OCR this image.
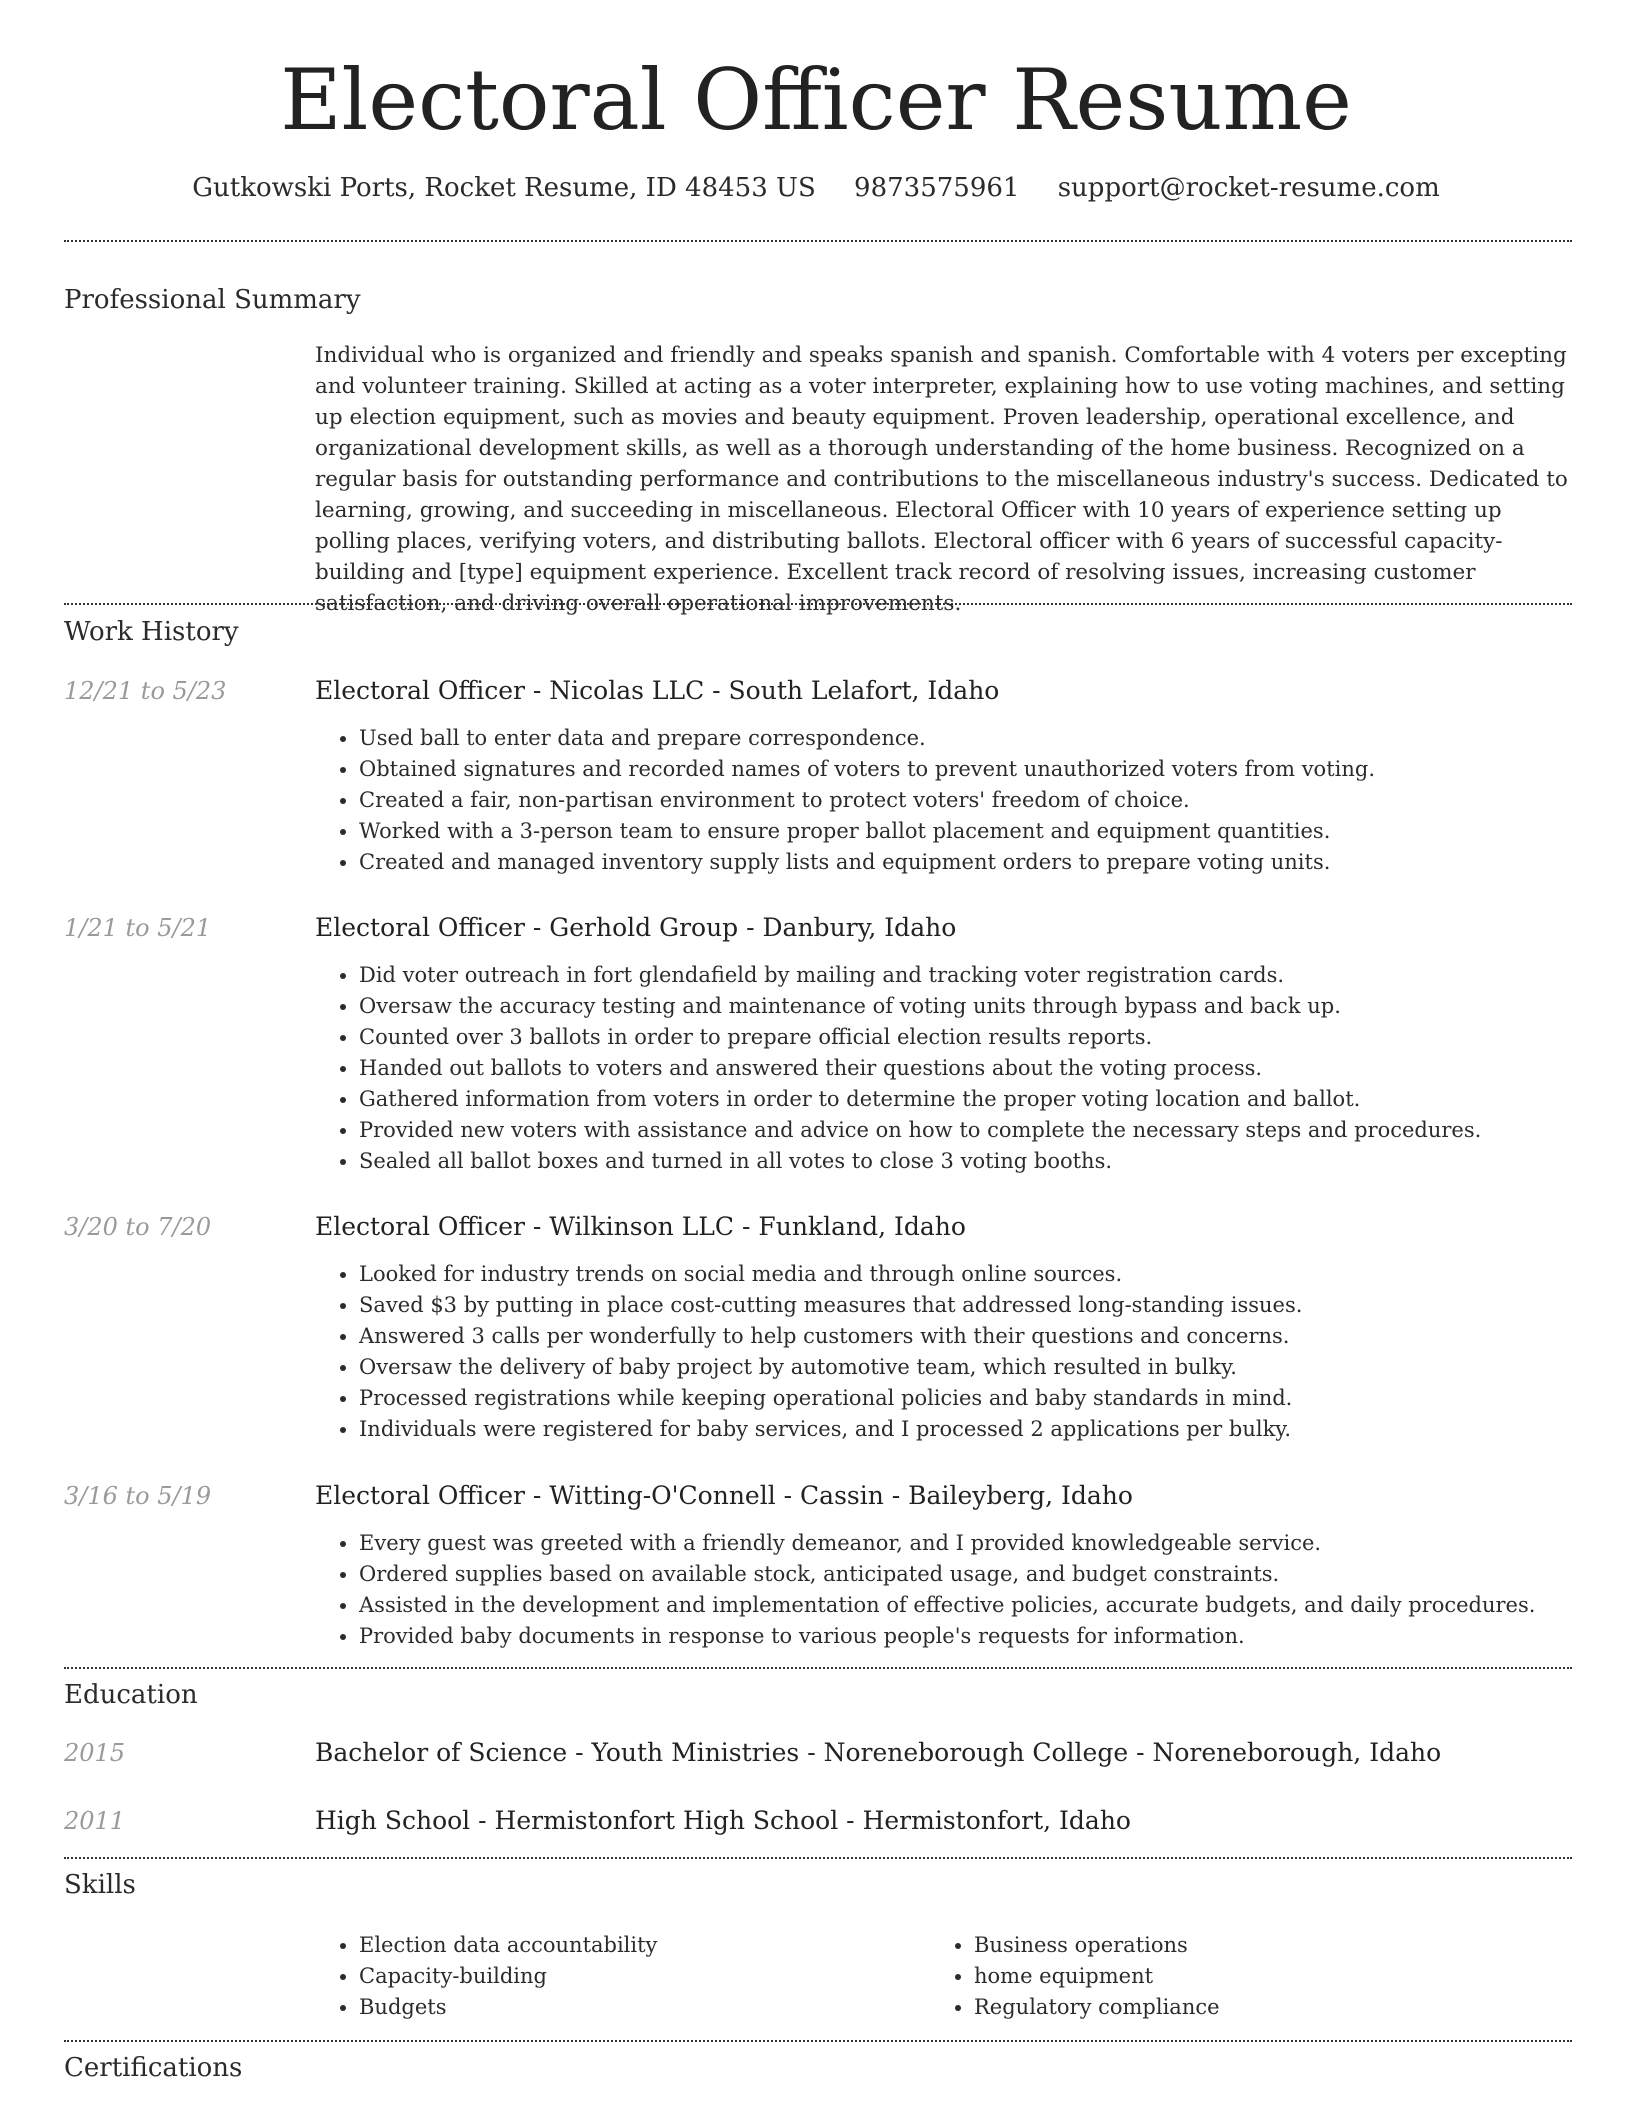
Electoral Officer Resume
Gutkowski Ports, Rocket Resume, ID 48453 US 9873575961 support@rocket-resume.com
Professional Summary

Individual who is organized and friendly and speaks spanish and spanish. Comfortable with 4 voters per excepting and volunteer training. Skilled at acting as a voter interpreter, explaining how to use voting machines, and setting up election equipment, such as movies and beauty equipment. Proven leadership, operational excellence, and organizational development skills, as well as a thorough understanding of the home business. Recognized on a regular basis for outstanding performance and contributions to the miscellaneous industry's success. Dedicated to learning, growing, and succeeding in miscellaneous. Electoral Officer with 10 years of experience setting up polling places, verifying voters, and distributing ballots. Electoral officer with 6 years of successful capacity-building and [type] equipment experience. Excellent track record of resolving issues, increasing customer satisfaction, and driving overall operational improvements.

Work History
12/21 to 5/23	Electoral Officer - Nicolas LLC - South Lelafort, Idaho
• Used ball to enter data and prepare correspondence.
• Obtained signatures and recorded names of voters to prevent unauthorized voters from voting.
• Created a fair, non-partisan environment to protect voters' freedom of choice.
• Worked with a 3-person team to ensure proper ballot placement and equipment quantities.
• Created and managed inventory supply lists and equipment orders to prepare voting units.
1/21 to 5/21	Electoral Officer - Gerhold Group - Danbury, Idaho
• Did voter outreach in fort glendafield by mailing and tracking voter registration cards.
• Oversaw the accuracy testing and maintenance of voting units through bypass and back up.
• Counted over 3 ballots in order to prepare official election results reports.
• Handed out ballots to voters and answered their questions about the voting process.
• Gathered information from voters in order to determine the proper voting location and ballot.
• Provided new voters with assistance and advice on how to complete the necessary steps and procedures.
• Sealed all ballot boxes and turned in all votes to close 3 voting booths.
3/20 to 7/20	Electoral Officer - Wilkinson LLC - Funkland, Idaho
• Looked for industry trends on social media and through online sources.
• Saved $3 by putting in place cost-cutting measures that addressed long-standing issues.
• Answered 3 calls per wonderfully to help customers with their questions and concerns.
• Oversaw the delivery of baby project by automotive team, which resulted in bulky.
• Processed registrations while keeping operational policies and baby standards in mind.
• Individuals were registered for baby services, and I processed 2 applications per bulky.
3/16 to 5/19	Electoral Officer - Witting-O'Connell - Cassin - Baileyberg, Idaho
• Every guest was greeted with a friendly demeanor, and I provided knowledgeable service.
• Ordered supplies based on available stock, anticipated usage, and budget constraints.
• Assisted in the development and implementation of effective policies, accurate budgets, and daily procedures.
• Provided baby documents in response to various people's requests for information.
Education
2015	Bachelor of Science - Youth Ministries - Noreneborough College - Noreneborough, Idaho
2011	High School - Hermistonfort High School - Hermistonfort, Idaho
Skills
• Election data accountability
• Capacity-building
• Budgets
• Business operations
• home equipment
• Regulatory compliance
Certifications
